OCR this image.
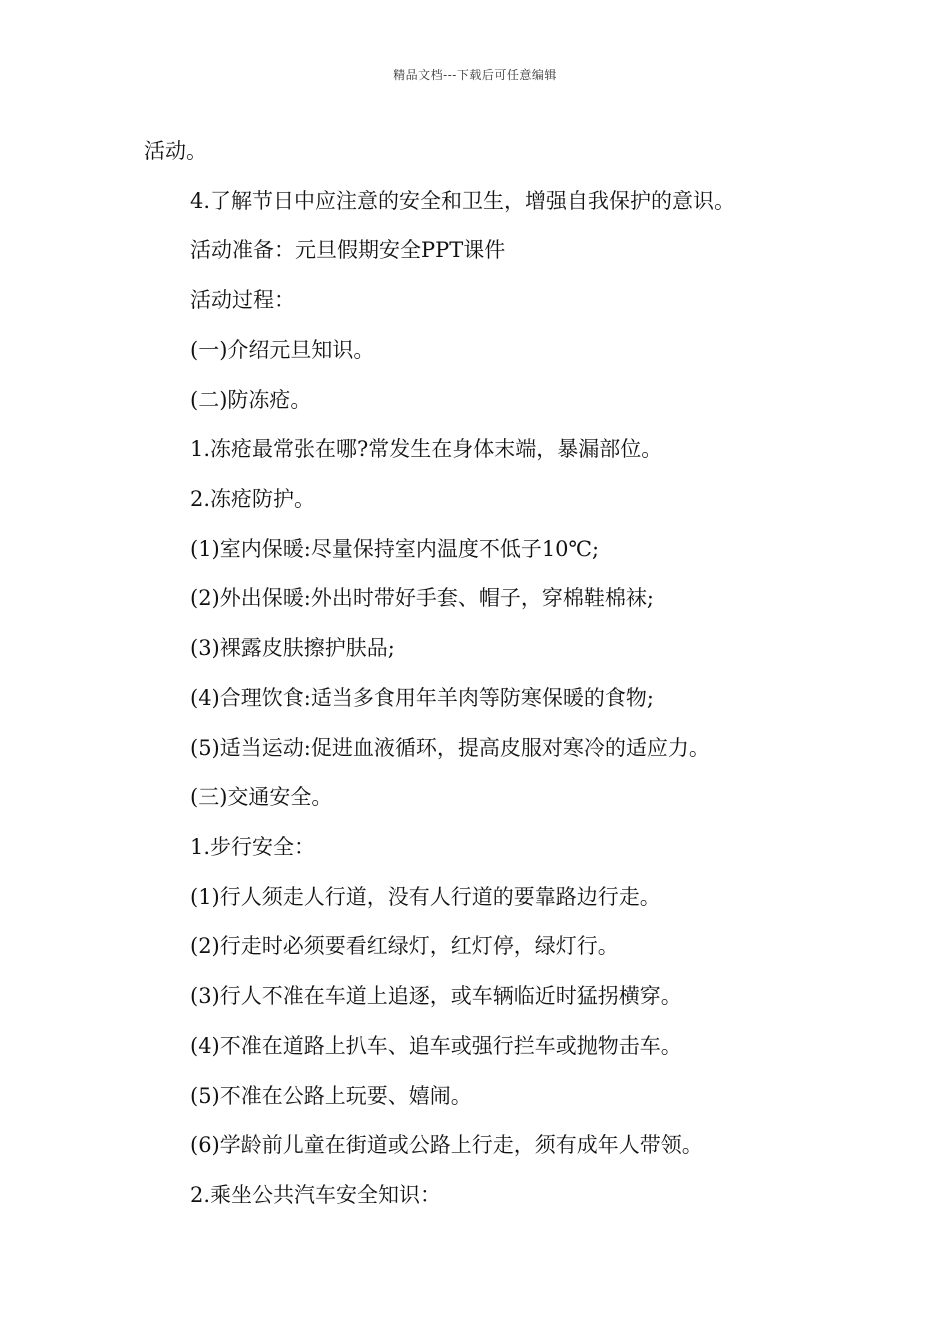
精品文档---下载后可任意编辑
活动。
4.了解节日中应注意的安全和卫生，增强自我保护的意识。
活动准备：元旦假期安全PPT课件
活动过程：
(一)介绍元旦知识。
(二)防冻疮。
1.冻疮最常张在哪?常发生在身体末端，暴漏部位。
2.冻疮防护。
(1)室内保暖:尽量保持室内温度不低子10℃;
(2)外出保暖:外出时带好手套、帽子，穿棉鞋棉袜;
(3)裸露皮肤擦护肤品;
(4)合理饮食:适当多食用年羊肉等防寒保暖的食物;
(5)适当运动:促进血液循环，提高皮服对寒冷的适应力。
(三)交通安全。
1.步行安全：
(1)行人须走人行道，没有人行道的要靠路边行走。
(2)行走时必须要看红绿灯，红灯停，绿灯行。
(3)行人不准在车道上追逐，或车辆临近时猛拐横穿。
(4)不准在道路上扒车、追车或强行拦车或抛物击车。
(5)不准在公路上玩要、嬉闹。
(6)学龄前儿童在街道或公路上行走，须有成年人带领。
2.乘坐公共汽车安全知识：
